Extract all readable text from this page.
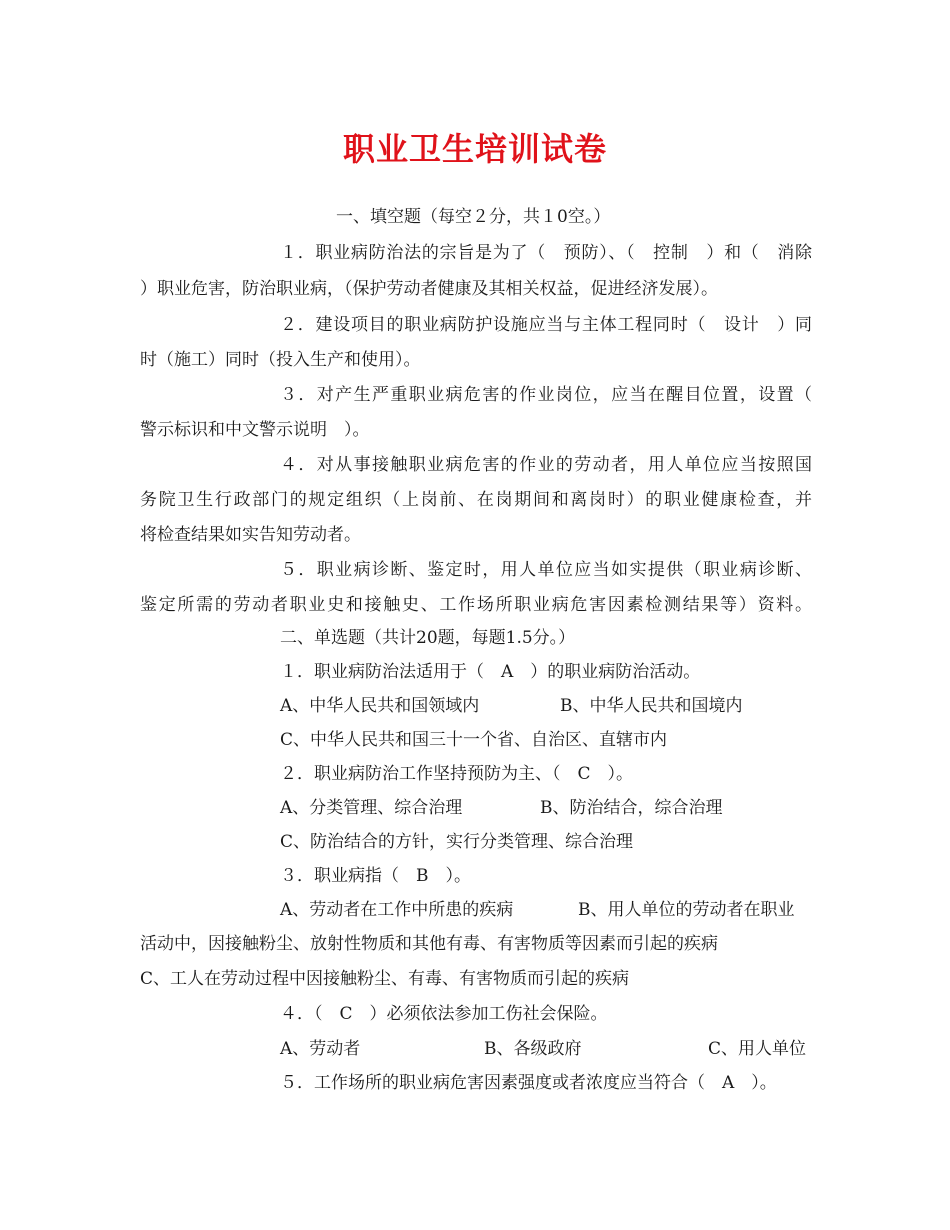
职业卫生培训试卷
一、填空题（每空２分，共１0空。）
１．职业病防治法的宗旨是为了（　预防）、（　控制　）和（　消除
）职业危害，防治职业病，（保护劳动者健康及其相关权益，促进经济发展）。
２．建设项目的职业病防护设施应当与主体工程同时（　设计　）同
时（施工）同时（投入生产和使用）。
３．对产生严重职业病危害的作业岗位，应当在醒目位置，设置（
警示标识和中文警示说明　）。
４．对从事接触职业病危害的作业的劳动者，用人单位应当按照国
务院卫生行政部门的规定组织（上岗前、在岗期间和离岗时）的职业健康检查，并
将检查结果如实告知劳动者。
５．职业病诊断、鉴定时，用人单位应当如实提供（职业病诊断、
鉴定所需的劳动者职业史和接触史、工作场所职业病危害因素检测结果等）资料。
二、单选题（共计20题，每题1.5分。）
１．职业病防治法适用于（　A　）的职业病防治活动。
A、中华人民共和国领域内	B、中华人民共和国境内
C、中华人民共和国三十一个省、自治区、直辖市内
２．职业病防治工作坚持预防为主、（　C　）。
A、分类管理、综合治理	B、防治结合，综合治理
C、防治结合的方针，实行分类管理、综合治理
３．职业病指（　B　）。
A、劳动者在工作中所患的疾病	B、用人单位的劳动者在职业
活动中，因接触粉尘、放射性物质和其他有毒、有害物质等因素而引起的疾病
C、工人在劳动过程中因接触粉尘、有毒、有害物质而引起的疾病
４．（　C　）必须依法参加工伤社会保险。
A、劳动者	B、各级政府	C、用人单位
５．工作场所的职业病危害因素强度或者浓度应当符合（　A　）。
